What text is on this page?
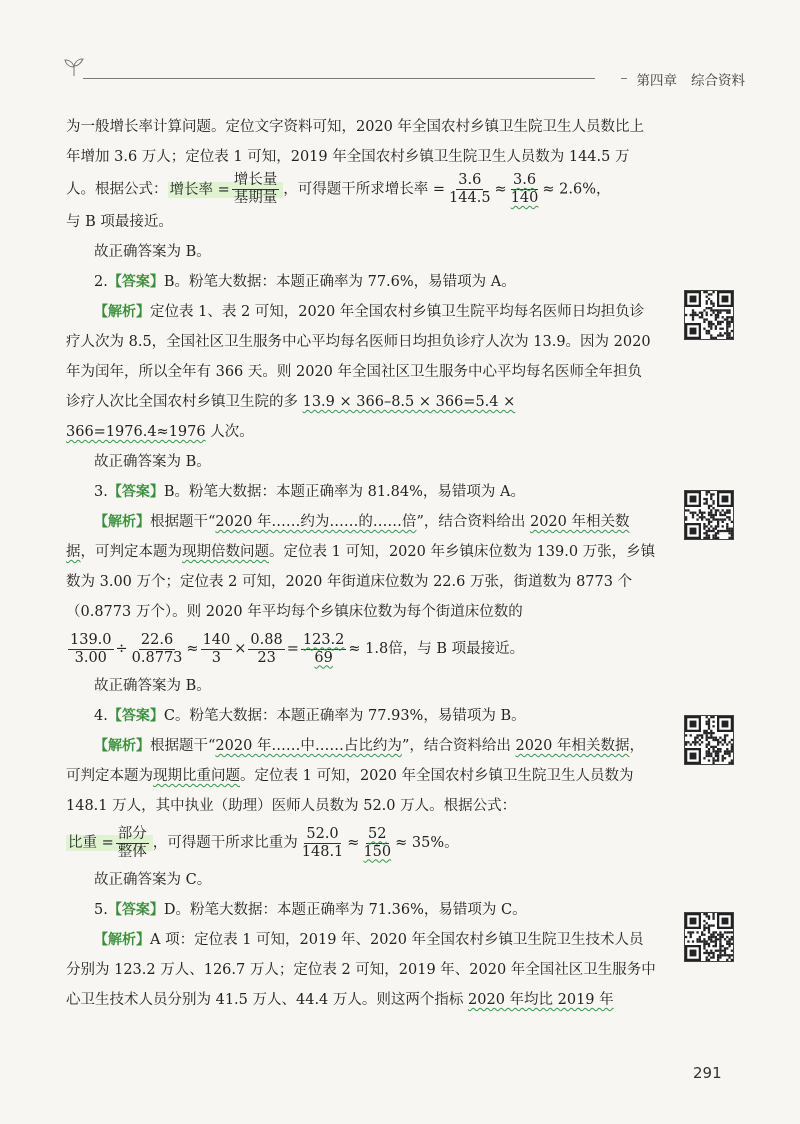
第四章 综合资料

为一般增长率计算问题。定位文字资料可知，2020 年全国农村乡镇卫生院卫生人员数比上年增加 3.6 万人；定位表 1 可知，2019 年全国农村乡镇卫生院卫生人员数为 144.5 万人。根据公式： 增长率 = $\frac{\text{增长量}}{\text{基期量}}$ ，可得题干所求增长率 = $\frac{3.6}{144.5} \approx \frac{3.6}{140} \approx 2.6\%$，

与 B 项最接近。

故正确答案为 B。

2.【答案】B。粉笔大数据：本题正确率为 77.6%，易错项为 A。

【解析】定位表 1、表 2 可知，2020 年全国农村乡镇卫生院平均每名医师日均担负诊疗人次为 8.5，全国社区卫生服务中心平均每名医师日均担负诊疗人次为 13.9。因为 2020 年为闰年，所以全年有 366 天。则 2020 年全国社区卫生服务中心平均每名医师全年担负诊疗人次比全国农村乡镇卫生院的多 13.9 × 366–8.5 × 366=5.4 × 366=1976.4≈1976 人次。

故正确答案为 B。

3.【答案】B。粉笔大数据：本题正确率为 81.84%，易错项为 A。

【解析】根据题干“2020 年……约为……的……倍”，结合资料给出 2020 年相关数据，可判定本题为现期倍数问题。定位表 1 可知，2020 年乡镇床位数为 139.0 万张，乡镇数为 3.00 万个；定位表 2 可知，2020 年街道床位数为 22.6 万张，街道数为 8773 个（0.8773 万个）。则 2020 年平均每个乡镇床位数为每个街道床位数的

$\frac{139.0}{3.00} \div \frac{22.6}{0.8773} \approx \frac{140}{3} \times \frac{0.88}{23} = \frac{123.2}{69} \approx 1.8$倍，与 B 项最接近。

故正确答案为 B。

4.【答案】C。粉笔大数据：本题正确率为 77.93%，易错项为 B。

【解析】根据题干“2020 年……中……占比约为”，结合资料给出 2020 年相关数据，可判定本题为现期比重问题。定位表 1 可知，2020 年全国农村乡镇卫生院卫生人员数为 148.1 万人，其中执业（助理）医师人员数为 52.0 万人。根据公式：

比重 = $\frac{\text{部分}}{\text{整体}}$ ，可得题干所求比重为 $\frac{52.0}{148.1} \approx \frac{52}{150} \approx 35\%$。

故正确答案为 C。

5.【答案】D。粉笔大数据：本题正确率为 71.36%，易错项为 C。

【解析】A 项：定位表 1 可知，2019 年、2020 年全国农村乡镇卫生院卫生技术人员分别为 123.2 万人、126.7 万人；定位表 2 可知，2019 年、2020 年全国社区卫生服务中心卫生技术人员分别为 41.5 万人、44.4 万人。则这两个指标 2020 年均比 2019 年

291
